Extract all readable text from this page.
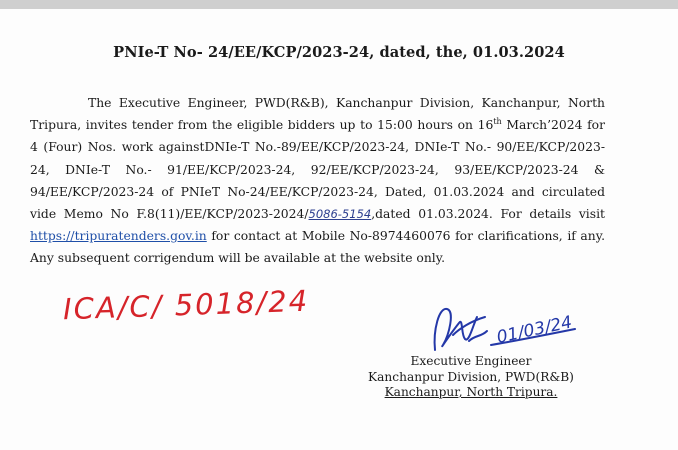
PNIe-T No- 24/EE/KCP/2023-24, dated, the, 01.03.2024

The Executive Engineer, PWD(R&B), Kanchanpur Division, Kanchanpur, North Tripura, invites tender from the eligible bidders up to 15:00 hours on 16th March’2024 for 4 (Four) Nos. work againstDNIe-T No.-89/EE/KCP/2023-24, DNIe-T No.- 90/EE/KCP/2023-24, DNIe-T No.- 91/EE/KCP/2023-24, 92/EE/KCP/2023-24, 93/EE/KCP/2023-24 & 94/EE/KCP/2023-24 of PNIeT No-24/EE/KCP/2023-24, Dated, 01.03.2024 and circulated vide Memo No F.8(11)/EE/KCP/2023-2024/5086-5154,dated 01.03.2024. For details visit https://tripuratenders.gov.in for contact at Mobile No-8974460076 for clarifications, if any. Any subsequent corrigendum will be available at the website only.

ICA/C/ 5018/24
01/03/24
Executive Engineer
Kanchanpur Division, PWD(R&B)
Kanchanpur, North Tripura.
